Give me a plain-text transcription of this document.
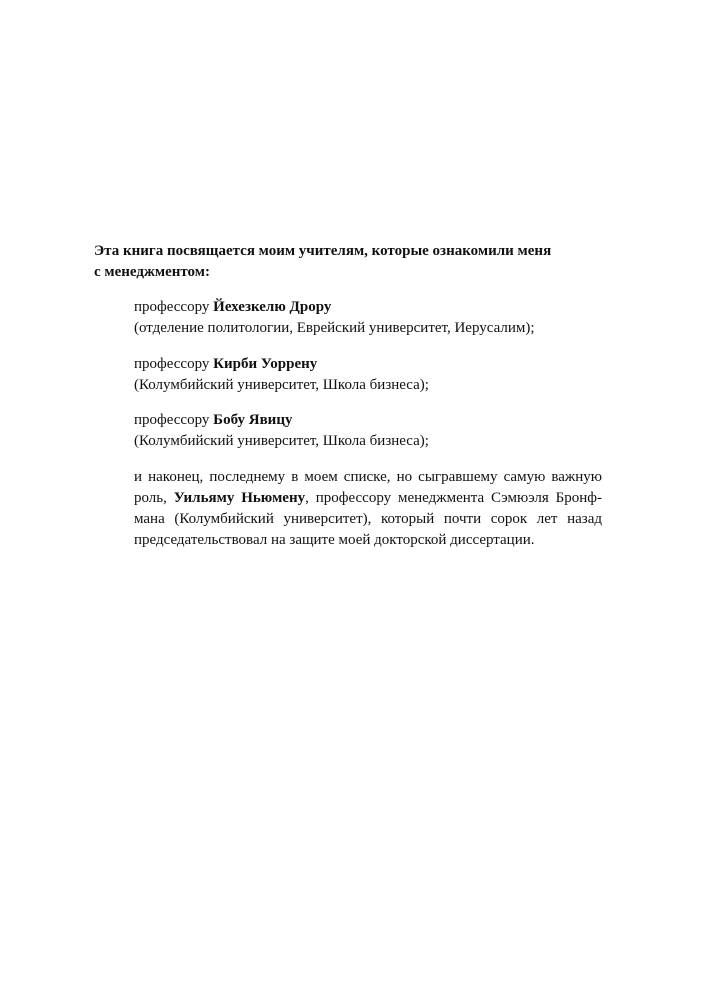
Эта книга посвящается моим учителям, которые ознакомили меня
с менеджментом:

профессору Йехезкелю Дрору
(отделение политологии, Еврейский университет, Иерусалим);

профессору Кирби Уоррену
(Колумбийский университет, Школа бизнеса);

профессору Бобу Явицу
(Колумбийский университет, Школа бизнеса);

и наконец, последнему в моем списке, но сыгравшему самую важную
роль, Уильяму Ньюмену, профессору менеджмента Сэмюэля Бронф-
мана (Колумбийский университет), который почти сорок лет назад
председательствовал на защите моей докторской диссертации.
